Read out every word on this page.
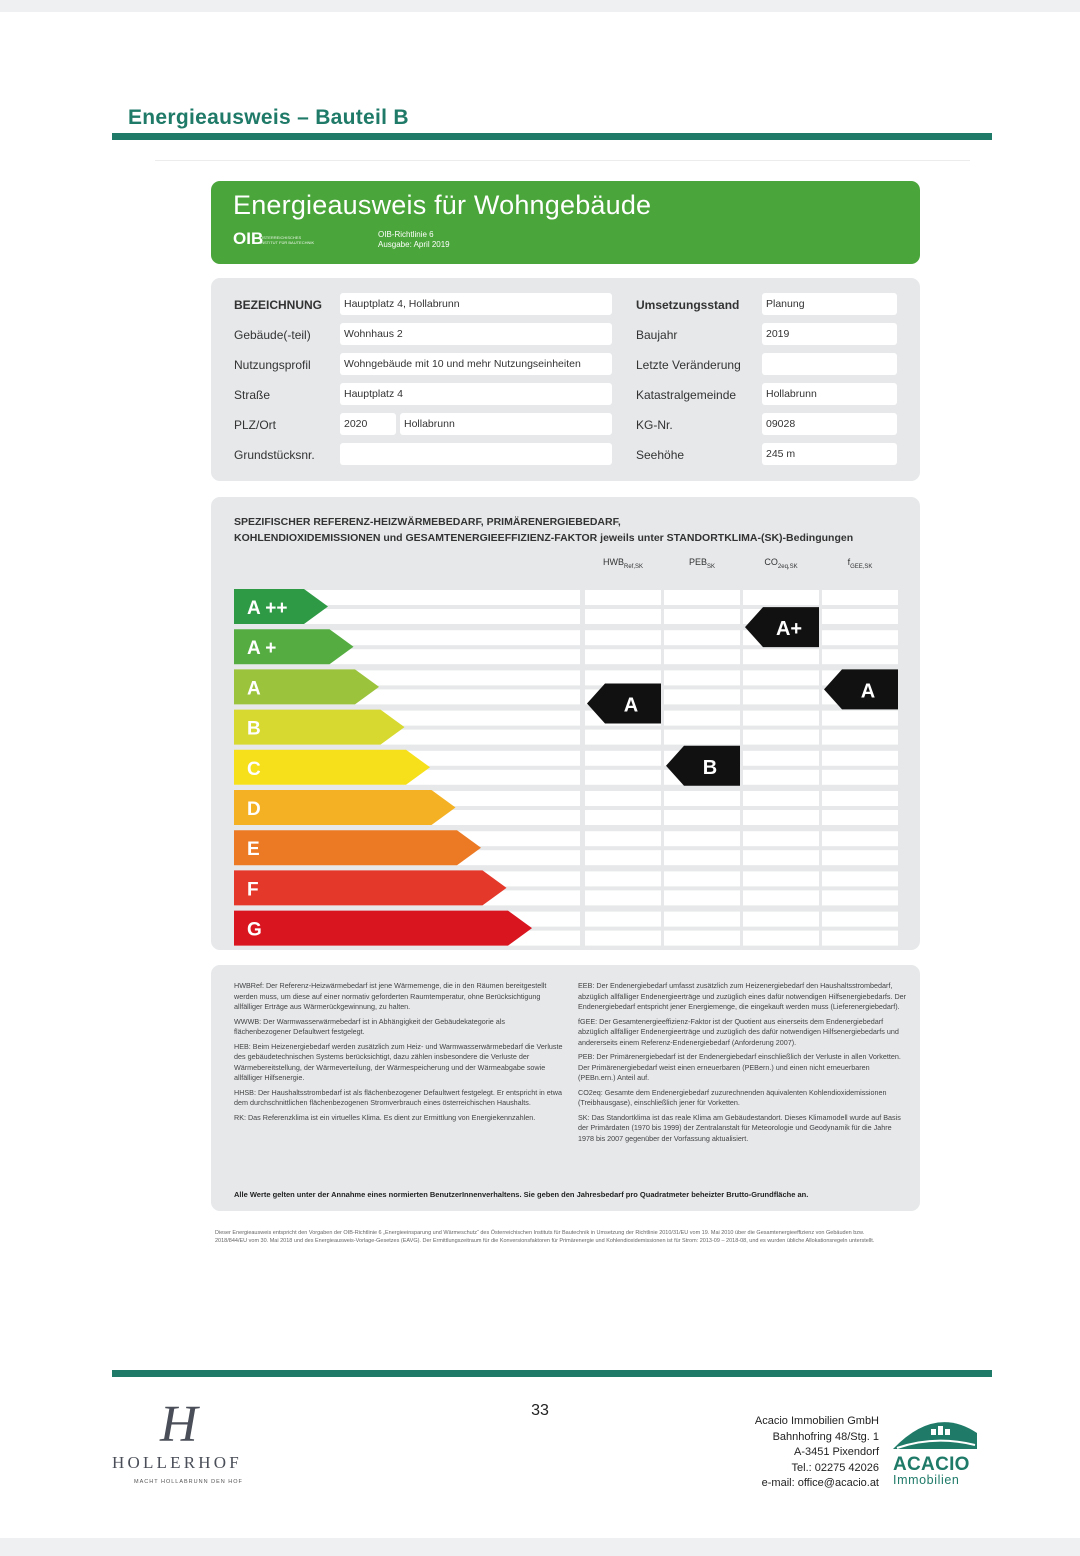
Energieausweis – Bauteil B
Energieausweis für Wohngebäude
OIB
ÖSTERREICHISCHES INSTITUT FÜR BAUTECHNIK
OIB-Richtlinie 6
Ausgabe: April 2019
BEZEICHNUNG	Hauptplatz 4, Hollabrunn
Gebäude(-teil)	Wohnhaus 2
Nutzungsprofil	Wohngebäude mit 10 und mehr Nutzungseinheiten
Straße	Hauptplatz 4
PLZ/Ort	2020	Hollabrunn
Grundstücksnr.
Umsetzungsstand	Planung
Baujahr	2019
Letzte Veränderung
Katastralgemeinde	Hollabrunn
KG-Nr.	09028
Seehöhe	245 m
SPEZIFISCHER REFERENZ-HEIZWÄRMEBEDARF, PRIMÄRENERGIEBEDARF,
KOHLENDIOXIDEMISSIONEN und GESAMTENERGIEEFFIZIENZ-FAKTOR jeweils unter STANDORTKLIMA-(SK)-Bedingungen
$HWB_{Ref,SK}$	$PEB_{SK}$	$CO_{2eq,SK}$	$f_{GEE,SK}$
A ++
A +
A
B
C
D
E
F
G
A
B
A+
A

HWBRef: Der Referenz-Heizwärmebedarf ist jene Wärmemenge, die in den Räumen bereitgestellt werden muss, um diese auf einer normativ geforderten Raumtemperatur, ohne Berücksichtigung allfälliger Erträge aus Wärmerückgewinnung, zu halten.

WWWB: Der Warmwasserwärmebedarf ist in Abhängigkeit der Gebäudekategorie als flächenbezogener Defaultwert festgelegt.

HEB: Beim Heizenergiebedarf werden zusätzlich zum Heiz- und Warmwasserwärmebedarf die Verluste des gebäudetechnischen Systems berücksichtigt, dazu zählen insbesondere die Verluste der Wärmebereitstellung, der Wärmeverteilung, der Wärmespeicherung und der Wärmeabgabe sowie allfälliger Hilfsenergie.

HHSB: Der Haushaltsstrombedarf ist als flächenbezogener Defaultwert festgelegt. Er entspricht in etwa dem durchschnittlichen flächenbezogenen Stromverbrauch eines österreichischen Haushalts.

RK: Das Referenzklima ist ein virtuelles Klima. Es dient zur Ermittlung von Energiekennzahlen.

EEB: Der Endenergiebedarf umfasst zusätzlich zum Heizenergiebedarf den Haushaltsstrombedarf, abzüglich allfälliger Endenergieerträge und zuzüglich eines dafür notwendigen Hilfsenergiebedarfs. Der Endenergiebedarf entspricht jener Energiemenge, die eingekauft werden muss (Lieferenergiebedarf).

fGEE: Der Gesamtenergieeffizienz-Faktor ist der Quotient aus einerseits dem Endenergiebedarf abzüglich allfälliger Endenergieerträge und zuzüglich des dafür notwendigen Hilfsenergiebedarfs und andererseits einem Referenz-Endenergiebedarf (Anforderung 2007).

PEB: Der Primärenergiebedarf ist der Endenergiebedarf einschließlich der Verluste in allen Vorketten. Der Primärenergiebedarf weist einen erneuerbaren (PEBern.) und einen nicht erneuerbaren (PEBn.ern.) Anteil auf.

CO2eq: Gesamte dem Endenergiebedarf zuzurechnenden äquivalenten Kohlendioxidemissionen (Treibhausgase), einschließlich jener für Vorketten.

SK: Das Standortklima ist das reale Klima am Gebäudestandort. Dieses Klimamodell wurde auf Basis der Primärdaten (1970 bis 1999) der Zentralanstalt für Meteorologie und Geodynamik für die Jahre 1978 bis 2007 gegenüber der Vorfassung aktualisiert.

Alle Werte gelten unter der Annahme eines normierten BenutzerInnenverhaltens. Sie geben den Jahresbedarf pro Quadratmeter beheizter Brutto-Grundfläche an.
Dieser Energieausweis entspricht den Vorgaben der OIB-Richtlinie 6 „Energieeinsparung und Wärmeschutz“ des Österreichischen Instituts für Bautechnik in Umsetzung der Richtlinie 2010/31/EU vom 19. Mai 2010 über die Gesamtenergieeffizienz von Gebäuden bzw. 2018/844/EU vom 30. Mai 2018 und des Energieausweis-Vorlage-Gesetzes (EAVG). Der Ermittlungszeitraum für die Konversionsfaktoren für Primärenergie und Kohlendioxidemissionen ist für Strom: 2013-09 – 2018-08, und es wurden übliche Allokationsregeln unterstellt.
33
H
HOLLERHOF
MACHT HOLLABRUNN DEN HOF
Acacio Immobilien GmbH
Bahnhofring 48/Stg. 1
A-3451 Pixendorf
Tel.: 02275 42026
e-mail: office@acacio.at
ACACIO
Immobilien
